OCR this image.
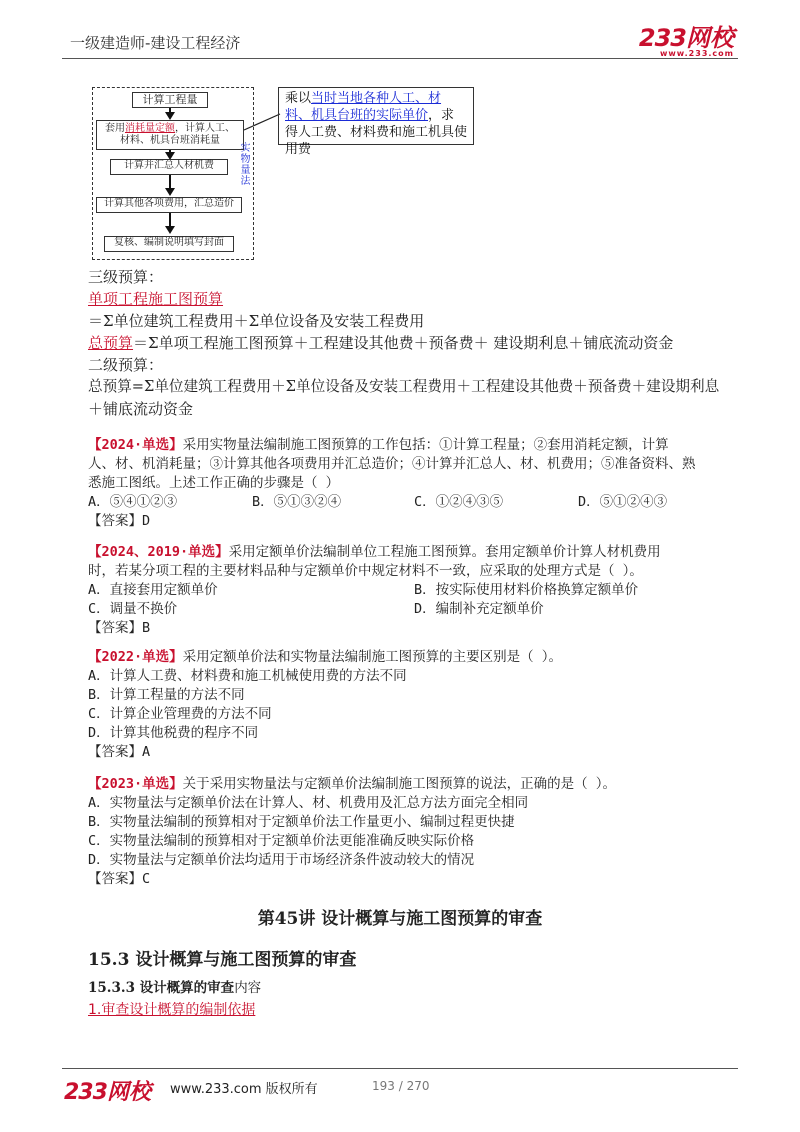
一级建造师-建设工程经济	233网校
www.233.com
计算工程量
套用消耗量定额，计算人工、
材料、机具台班消耗量
计算并汇总人材机费
计算其他各项费用，汇总造价
复核、编制说明填写封面
实物量法
乘以当时当地各种人工、材料、机具台班的实际单价，求得人工费、材料费和施工机具使用费
三级预算：
单项工程施工图预算
＝Σ单位建筑工程费用＋Σ单位设备及安装工程费用
总预算＝Σ单项工程施工图预算＋工程建设其他费＋预备费＋ 建设期利息＋铺底流动资金
二级预算：
总预算=Σ单位建筑工程费用＋Σ单位设备及安装工程费用＋工程建设其他费＋预备费＋建设期利息
＋铺底流动资金
【2024·单选】采用实物量法编制施工图预算的工作包括：①计算工程量；②套用消耗定额，计算
人、材、机消耗量；③计算其他各项费用并汇总造价；④计算并汇总人、材、机费用；⑤准备资料、熟
悉施工图纸。上述工作正确的步骤是（ ）
A．⑤④①②③	B．⑤①③②④	C．①②④③⑤	D．⑤①②④③
【答案】D
【2024、2019·单选】采用定额单价法编制单位工程施工图预算。套用定额单价计算人材机费用
时，若某分项工程的主要材料品种与定额单价中规定材料不一致，应采取的处理方式是（ ）。
A．直接套用定额单价	B．按实际使用材料价格换算定额单价
C．调量不换价	D．编制补充定额单价
【答案】B
【2022·单选】采用定额单价法和实物量法编制施工图预算的主要区别是（ ）。
A．计算人工费、材料费和施工机械使用费的方法不同
B．计算工程量的方法不同
C．计算企业管理费的方法不同
D．计算其他税费的程序不同
【答案】A
【2023·单选】关于采用实物量法与定额单价法编制施工图预算的说法，正确的是（ ）。
A．实物量法与定额单价法在计算人、材、机费用及汇总方法方面完全相同
B．实物量法编制的预算相对于定额单价法工作量更小、编制过程更快捷
C．实物量法编制的预算相对于定额单价法更能准确反映实际价格
D．实物量法与定额单价法均适用于市场经济条件波动较大的情况
【答案】C
第45讲 设计概算与施工图预算的审查
15.3 设计概算与施工图预算的审查
15.3.3 设计概算的审查内容
1.审查设计概算的编制依据
233网校 www.233.com 版权所有	193 / 270
